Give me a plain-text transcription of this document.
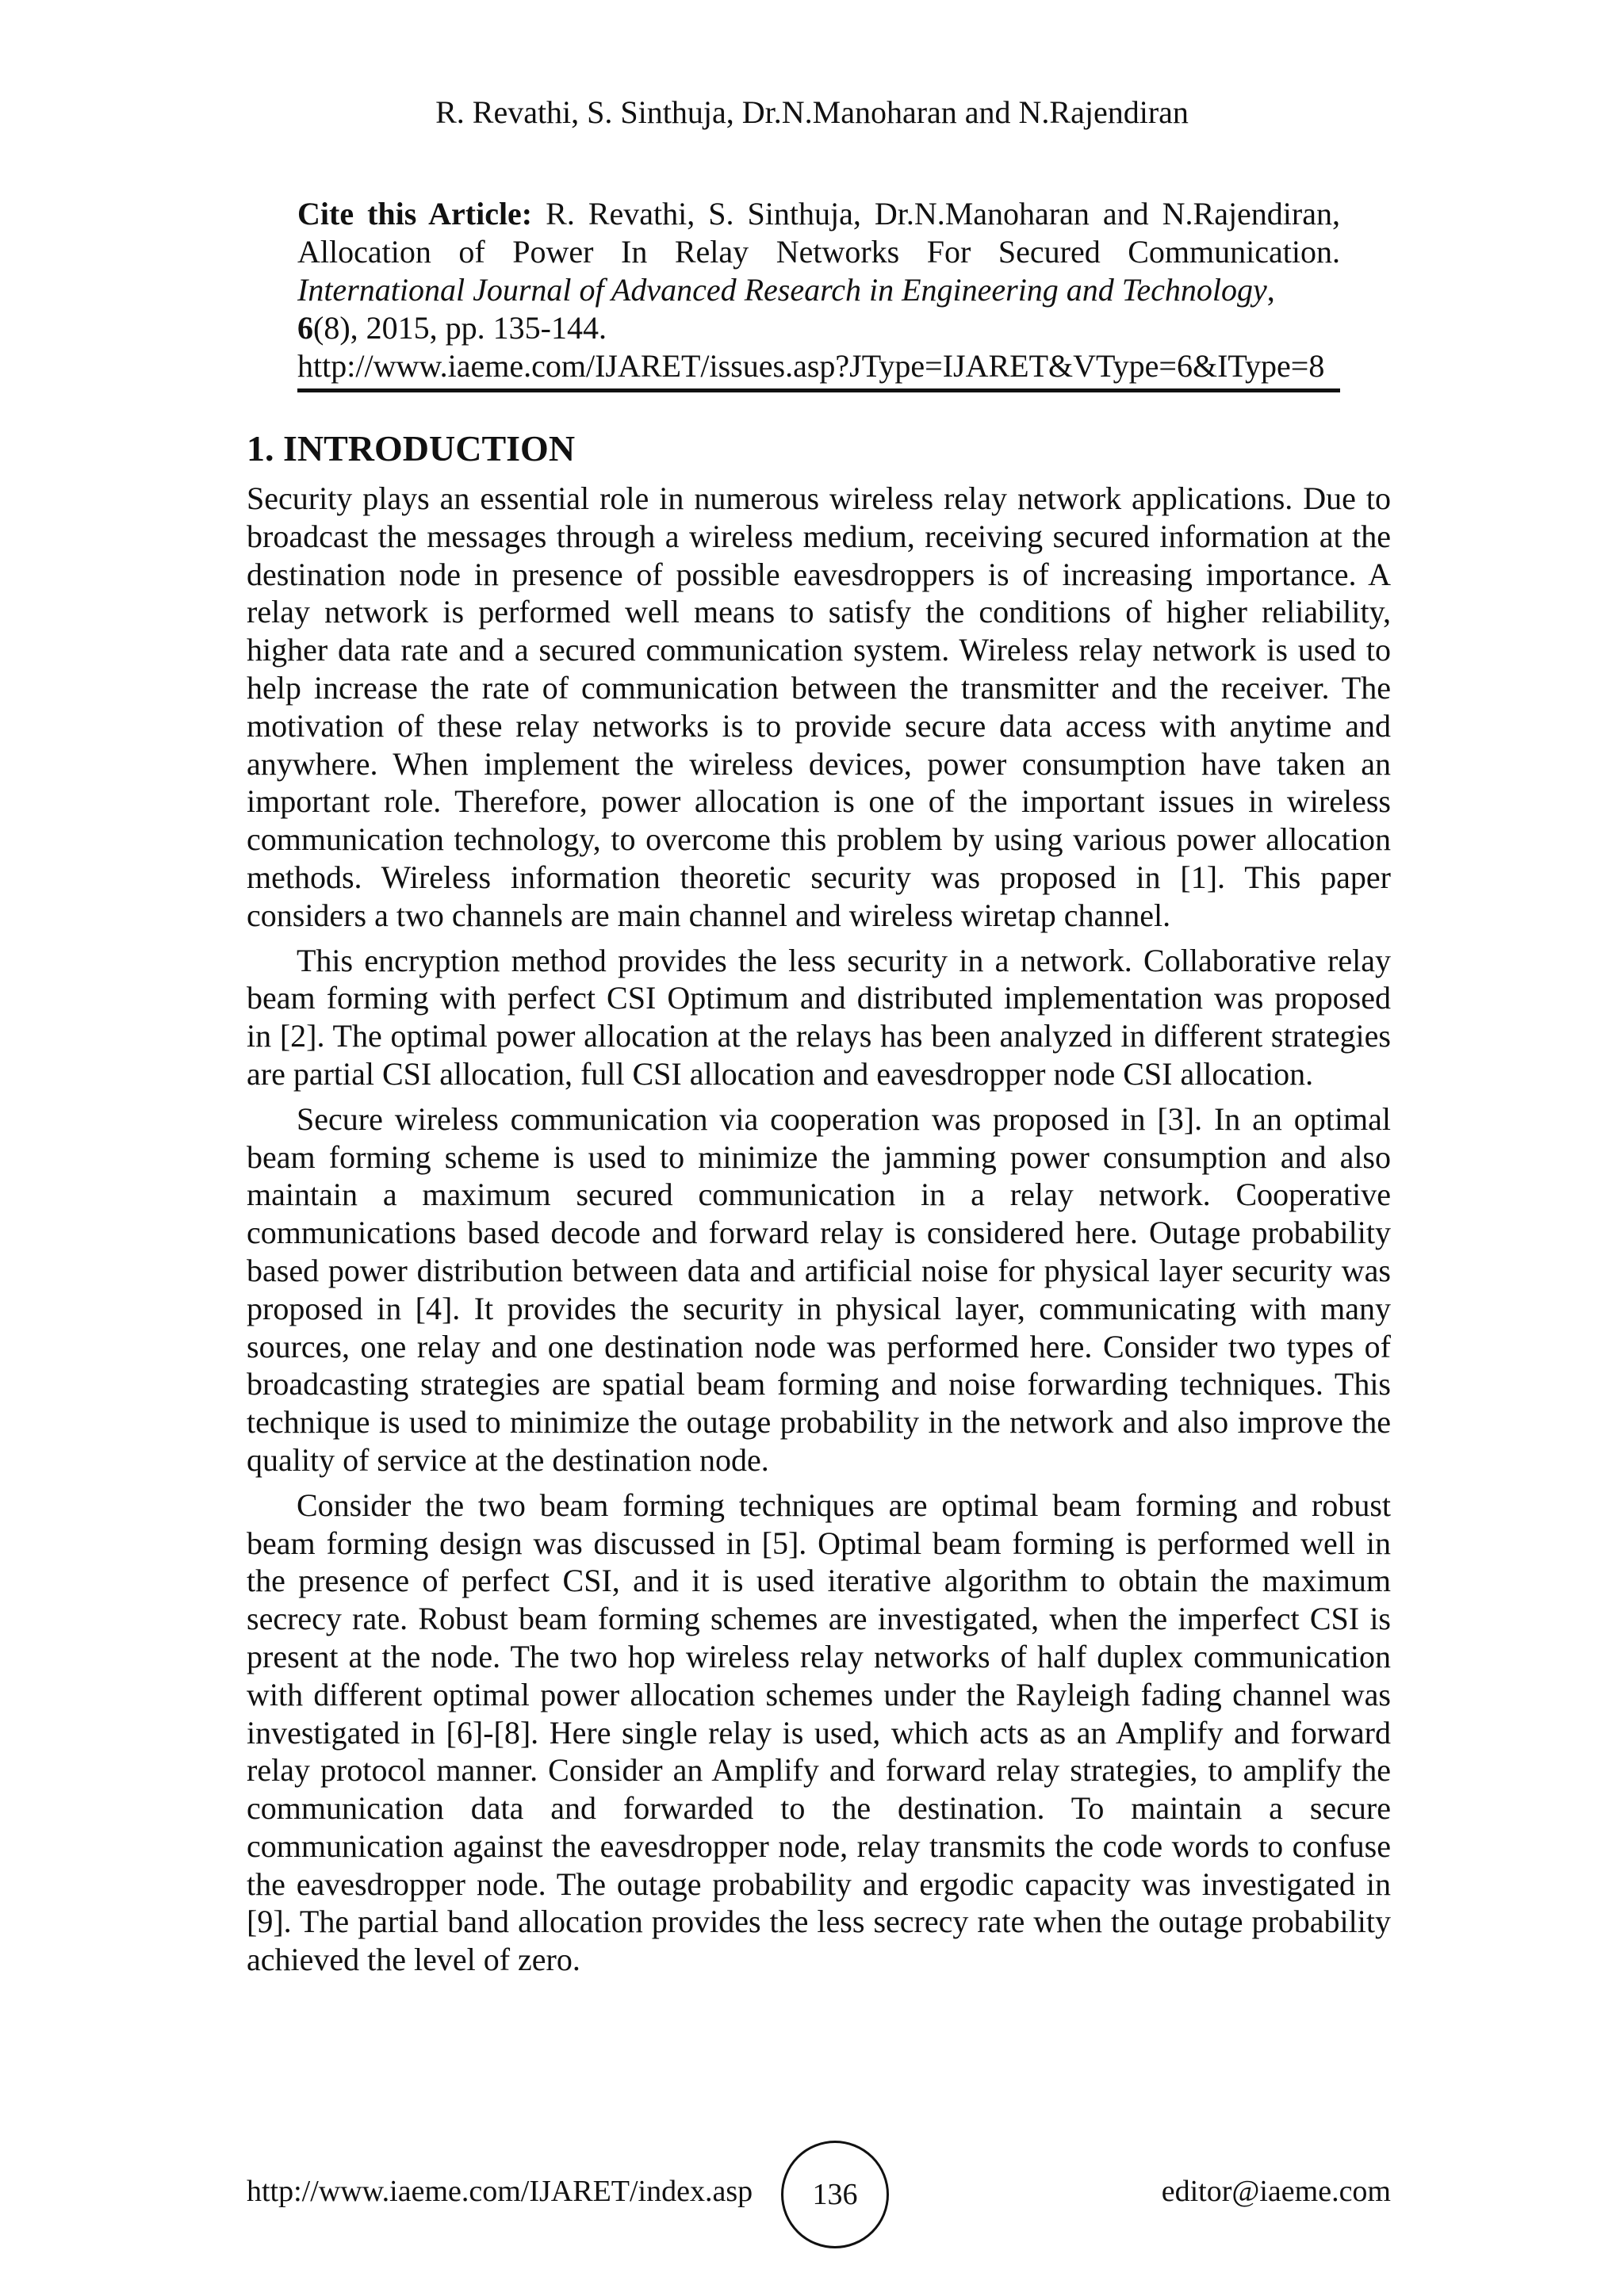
R. Revathi, S. Sinthuja, Dr.N.Manoharan and N.Rajendiran
Cite this Article: R. Revathi, S. Sinthuja, Dr.N.Manoharan and N.Rajendiran, Allocation of Power In Relay Networks For Secured Communication. International Journal of Advanced Research in Engineering and Technology,
6(8), 2015, pp. 135-144.
http://www.iaeme.com/IJARET/issues.asp?JType=IJARET&VType=6&IType=8
1. INTRODUCTION

Security plays an essential role in numerous wireless relay network applications. Due to broadcast the messages through a wireless medium, receiving secured information at the destination node in presence of possible eavesdroppers is of increasing importance. A relay network is performed well means to satisfy the conditions of higher reliability, higher data rate and a secured communication system. Wireless relay network is used to help increase the rate of communication between the transmitter and the receiver. The motivation of these relay networks is to provide secure data access with anytime and anywhere. When implement the wireless devices, power consumption have taken an important role. Therefore, power allocation is one of the important issues in wireless communication technology, to overcome this problem by using various power allocation methods. Wireless information theoretic security was proposed in [1]. This paper considers a two channels are main channel and wireless wiretap channel.

This encryption method provides the less security in a network. Collaborative relay beam forming with perfect CSI Optimum and distributed implementation was proposed in [2]. The optimal power allocation at the relays has been analyzed in different strategies are partial CSI allocation, full CSI allocation and eavesdropper node CSI allocation.

Secure wireless communication via cooperation was proposed in [3]. In an optimal beam forming scheme is used to minimize the jamming power consumption and also maintain a maximum secured communication in a relay network. Cooperative communications based decode and forward relay is considered here. Outage probability based power distribution between data and artificial noise for physical layer security was proposed in [4]. It provides the security in physical layer, communicating with many sources, one relay and one destination node was performed here. Consider two types of broadcasting strategies are spatial beam forming and noise forwarding techniques. This technique is used to minimize the outage probability in the network and also improve the quality of service at the destination node.

Consider the two beam forming techniques are optimal beam forming and robust beam forming design was discussed in [5]. Optimal beam forming is performed well in the presence of perfect CSI, and it is used iterative algorithm to obtain the maximum secrecy rate. Robust beam forming schemes are investigated, when the imperfect CSI is present at the node. The two hop wireless relay networks of half duplex communication with different optimal power allocation schemes under the Rayleigh fading channel was investigated in [6]-[8]. Here single relay is used, which acts as an Amplify and forward relay protocol manner. Consider an Amplify and forward relay strategies, to amplify the communication data and forwarded to the destination. To maintain a secure communication against the eavesdropper node, relay transmits the code words to confuse the eavesdropper node. The outage probability and ergodic capacity was investigated in [9]. The partial band allocation provides the less secrecy rate when the outage probability achieved the level of zero.

http://www.iaeme.com/IJARET/index.asp 136	editor@iaeme.com
